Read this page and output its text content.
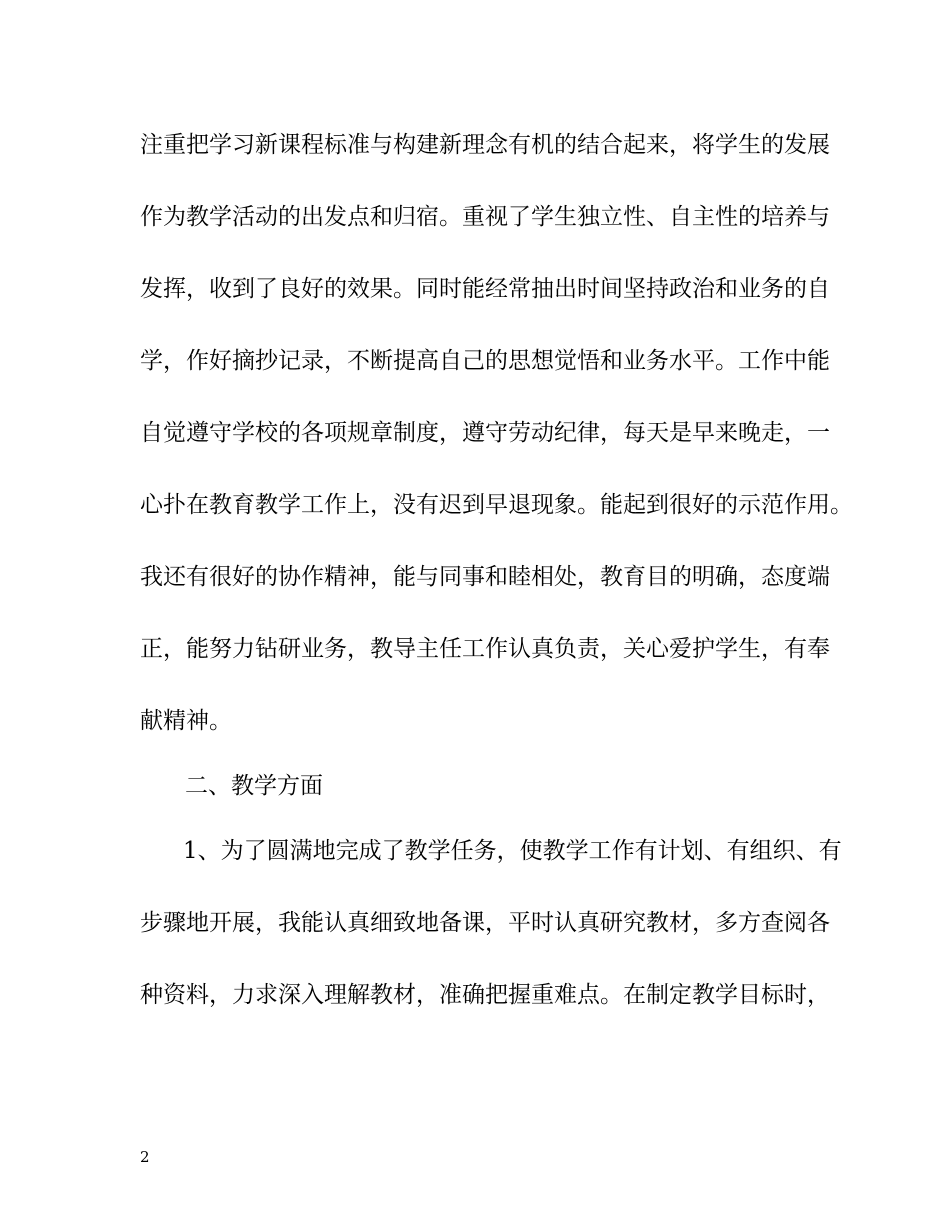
注重把学习新课程标准与构建新理念有机的结合起来，将学生的发展
作为教学活动的出发点和归宿。重视了学生独立性、自主性的培养与
发挥，收到了良好的效果。同时能经常抽出时间坚持政治和业务的自
学，作好摘抄记录，不断提高自己的思想觉悟和业务水平。工作中能
自觉遵守学校的各项规章制度，遵守劳动纪律，每天是早来晚走，一
心扑在教育教学工作上，没有迟到早退现象。能起到很好的示范作用。
我还有很好的协作精神，能与同事和睦相处，教育目的明确，态度端
正，能努力钻研业务，教导主任工作认真负责，关心爱护学生，有奉
献精神。
二、教学方面
1、为了圆满地完成了教学任务，使教学工作有计划、有组织、有
步骤地开展，我能认真细致地备课，平时认真研究教材，多方查阅各
种资料，力求深入理解教材，准确把握重难点。在制定教学目标时，
2
